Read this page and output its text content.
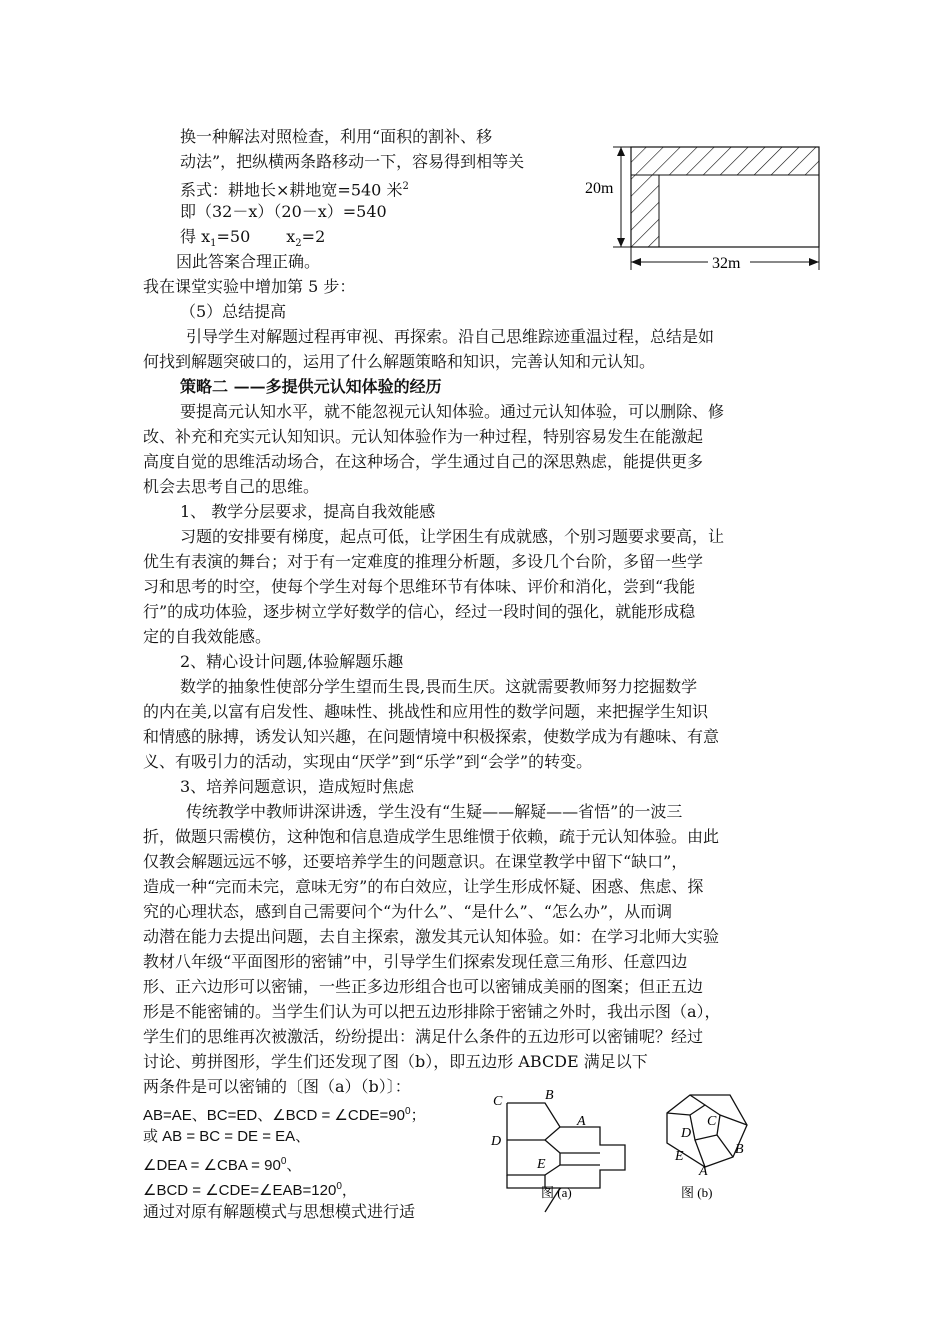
换一种解法对照检查，利用“面积的割补、移
动法”，把纵横两条路移动一下，容易得到相等关
系式：耕地长×耕地宽=540 米$^2$
即（32－x）（20－x）=540
得 $x_1=50$ $x_2=2$
因此答案合理正确。
20m
32m
我在课堂实验中增加第 5 步：
（5）总结提高
引导学生对解题过程再审视、再探索。沿自己思维踪迹重温过程，总结是如
何找到解题突破口的，运用了什么解题策略和知识，完善认知和元认知。
策略二 ——多提供元认知体验的经历
要提高元认知水平，就不能忽视元认知体验。通过元认知体验，可以删除、修
改、补充和充实元认知知识。元认知体验作为一种过程，特别容易发生在能激起
高度自觉的思维活动场合，在这种场合，学生通过自己的深思熟虑，能提供更多
机会去思考自己的思维。
1、 教学分层要求，提高自我效能感
习题的安排要有梯度，起点可低，让学困生有成就感，个别习题要求要高，让
优生有表演的舞台；对于有一定难度的推理分析题，多设几个台阶，多留一些学
习和思考的时空，使每个学生对每个思维环节有体味、评价和消化，尝到“我能
行”的成功体验，逐步树立学好数学的信心，经过一段时间的强化，就能形成稳
定的自我效能感。
2、精心设计问题,体验解题乐趣
数学的抽象性使部分学生望而生畏,畏而生厌。这就需要教师努力挖掘数学
的内在美,以富有启发性、趣味性、挑战性和应用性的数学问题，来把握学生知识
和情感的脉搏，诱发认知兴趣，在问题情境中积极探索，使数学成为有趣味、有意
义、有吸引力的活动，实现由“厌学”到“乐学”到“会学”的转变。
3、培养问题意识，造成短时焦虑
传统教学中教师讲深讲透，学生没有“生疑——解疑——省悟”的一波三
折，做题只需模仿，这种饱和信息造成学生思维惯于依赖，疏于元认知体验。由此
仅教会解题远远不够，还要培养学生的问题意识。在课堂教学中留下“缺口”，
造成一种“完而未完，意味无穷”的布白效应，让学生形成怀疑、困惑、焦虑、探
究的心理状态，感到自己需要问个“为什么”、“是什么”、“怎么办”，从而调
动潜在能力去提出问题，去自主探索，激发其元认知体验。如：在学习北师大实验
教材八年级“平面图形的密铺”中，引导学生们探索发现任意三角形、任意四边
形、正六边形可以密铺，一些正多边形组合也可以密铺成美丽的图案；但正五边
形是不能密铺的。当学生们认为可以把五边形排除于密铺之外时，我出示图（a），
学生们的思维再次被激活，纷纷提出：满足什么条件的五边形可以密铺呢？经过
讨论、剪拼图形，学生们还发现了图（b），即五边形 ABCDE 满足以下
两条件是可以密铺的〔图（a）（b）〕：
AB=AE、BC=ED、∠BCD = $\angle CDE=90^0$；
或 AB = BC = DE = EA、
∠DEA = ∠CBA = $90^0$、
∠BCD = $\angle CDE=\angle EAB=120^0$，
通过对原有解题模式与思想模式进行适
C	B
A
D
E
图 (a)
C
D
B
E
A
图 (b)
